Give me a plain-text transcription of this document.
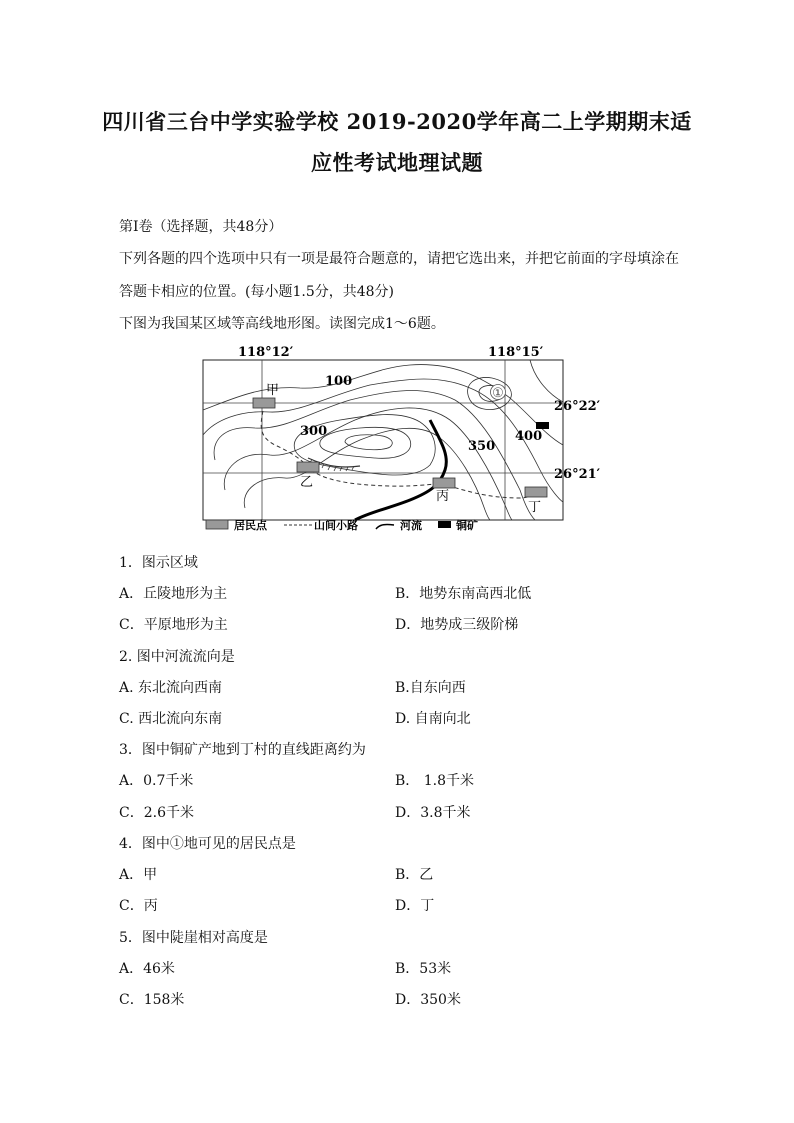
四川省三台中学实验学校 2019-2020学年高二上学期期末适
应性考试地理试题
第Ⅰ卷（选择题，共48分）
下列各题的四个选项中只有一项是最符合题意的，请把它选出来，并把它前面的字母填涂在
答题卡相应的位置。(每小题1.5分，共48分)
下图为我国某区域等高线地形图。读图完成1～6题。
①
118°12′	118°15′
26°22′
26°21′
100
300
350
400
甲
乙
丙
丁
居民点	山间小路	河流	铜矿
1．图示区域
A．丘陵地形为主	B．地势东南高西北低
C．平原地形为主	D．地势成三级阶梯
2. 图中河流流向是
A. 东北流向西南	B.自东向西
C. 西北流向东南	D. 自南向北
3．图中铜矿产地到丁村的直线距离约为
A．0.7千米	B． 1.8千米
C．2.6千米	D．3.8千米
4．图中①地可见的居民点是
A．甲	B．乙
C．丙	D．丁
5．图中陡崖相对高度是
A．46米	B．53米
C．158米	D．350米
